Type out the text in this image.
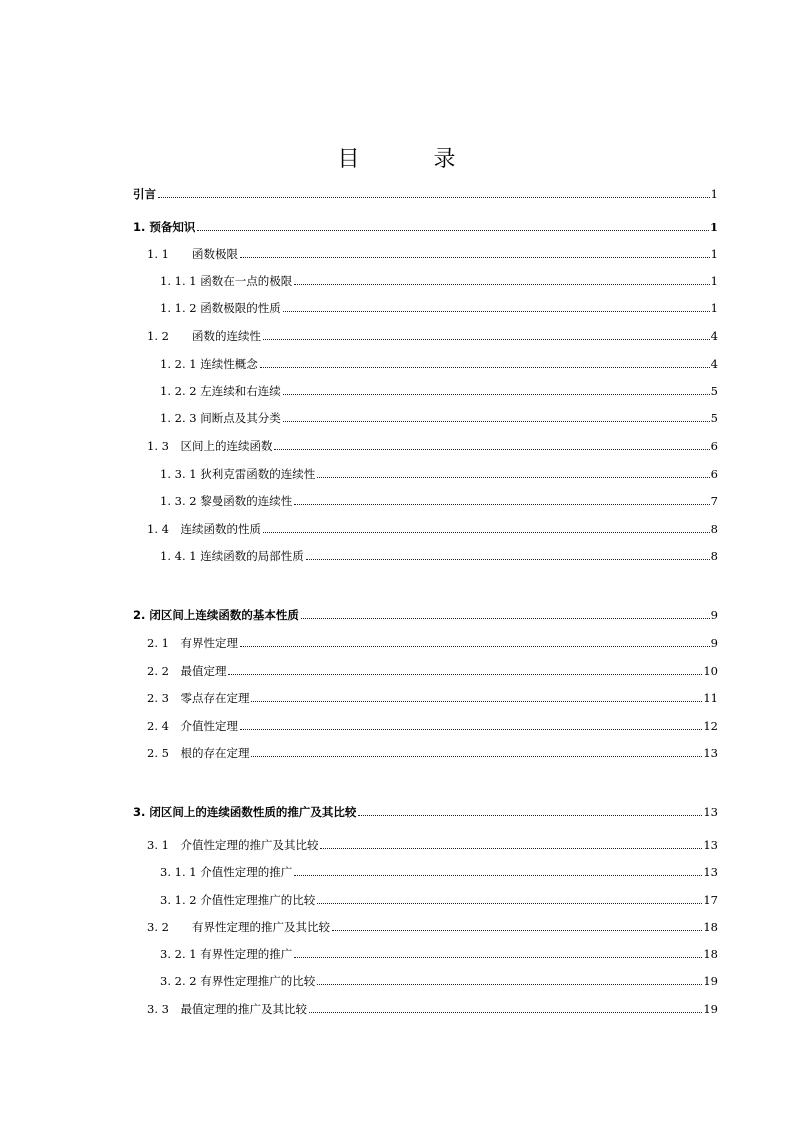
目　录
引言	1
1. 预备知识	1
1. 1　　函数极限	1
1. 1. 1 函数在一点的极限	1
1. 1. 2 函数极限的性质	1
1. 2　　函数的连续性	4
1. 2. 1 连续性概念	4
1. 2. 2 左连续和右连续	5
1. 2. 3 间断点及其分类	5
1. 3　区间上的连续函数	6
1. 3. 1 狄利克雷函数的连续性	6
1. 3. 2 黎曼函数的连续性	7
1. 4　连续函数的性质	8
1. 4. 1 连续函数的局部性质	8
2. 闭区间上连续函数的基本性质	9
2. 1　有界性定理	9
2. 2　最值定理	10
2. 3　零点存在定理	11
2. 4　介值性定理	12
2. 5　根的存在定理	13
3. 闭区间上的连续函数性质的推广及其比较	13
3. 1　介值性定理的推广及其比较	13
3. 1. 1 介值性定理的推广	13
3. 1. 2 介值性定理推广的比较	17
3. 2　　有界性定理的推广及其比较	18
3. 2. 1 有界性定理的推广	18
3. 2. 2 有界性定理推广的比较	19
3. 3　最值定理的推广及其比较	19
